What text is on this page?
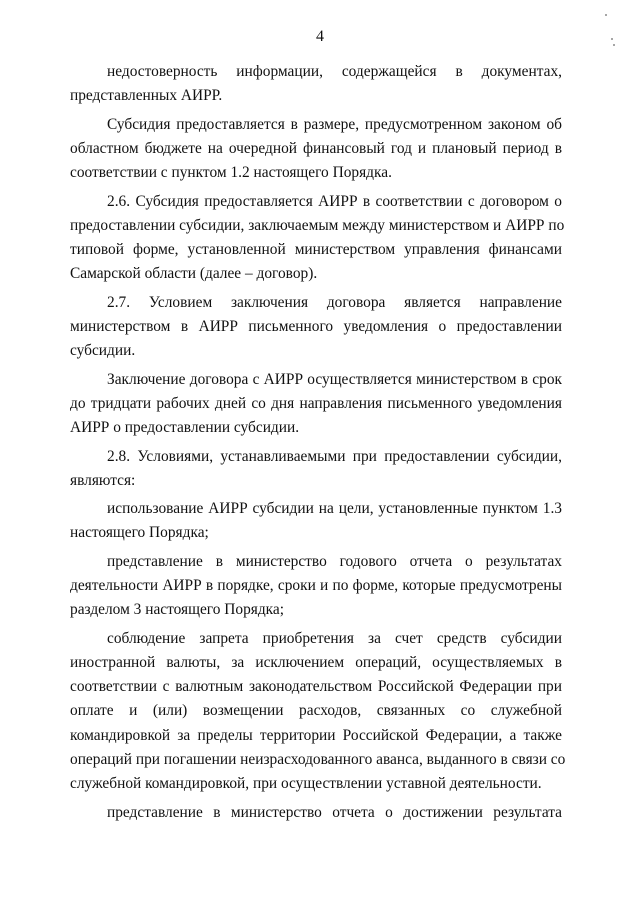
4

недостоверность информации, содержащейся в документах,
представленных АИРР.

Субсидия предоставляется в размере, предусмотренном законом об
областном бюджете на очередной финансовый год и плановый период в
соответствии с пунктом 1.2 настоящего Порядка.

2.6. Субсидия предоставляется АИРР в соответствии с договором о
предоставлении субсидии, заключаемым между министерством и АИРР по
типовой форме, установленной министерством управления финансами
Самарской области (далее – договор).

2.7. Условием заключения договора является направление
министерством в АИРР письменного уведомления о предоставлении
субсидии.

Заключение договора с АИРР осуществляется министерством в срок
до тридцати рабочих дней со дня направления письменного уведомления
АИРР о предоставлении субсидии.

2.8. Условиями, устанавливаемыми при предоставлении субсидии,
являются:

использование АИРР субсидии на цели, установленные пунктом 1.3
настоящего Порядка;

представление в министерство годового отчета о результатах
деятельности АИРР в порядке, сроки и по форме, которые предусмотрены
разделом 3 настоящего Порядка;

соблюдение запрета приобретения за счет средств субсидии
иностранной валюты, за исключением операций, осуществляемых в
соответствии с валютным законодательством Российской Федерации при
оплате и (или) возмещении расходов, связанных со служебной
командировкой за пределы территории Российской Федерации, а также
операций при погашении неизрасходованного аванса, выданного в связи со
служебной командировкой, при осуществлении уставной деятельности.

представление в министерство отчета о достижении результата
